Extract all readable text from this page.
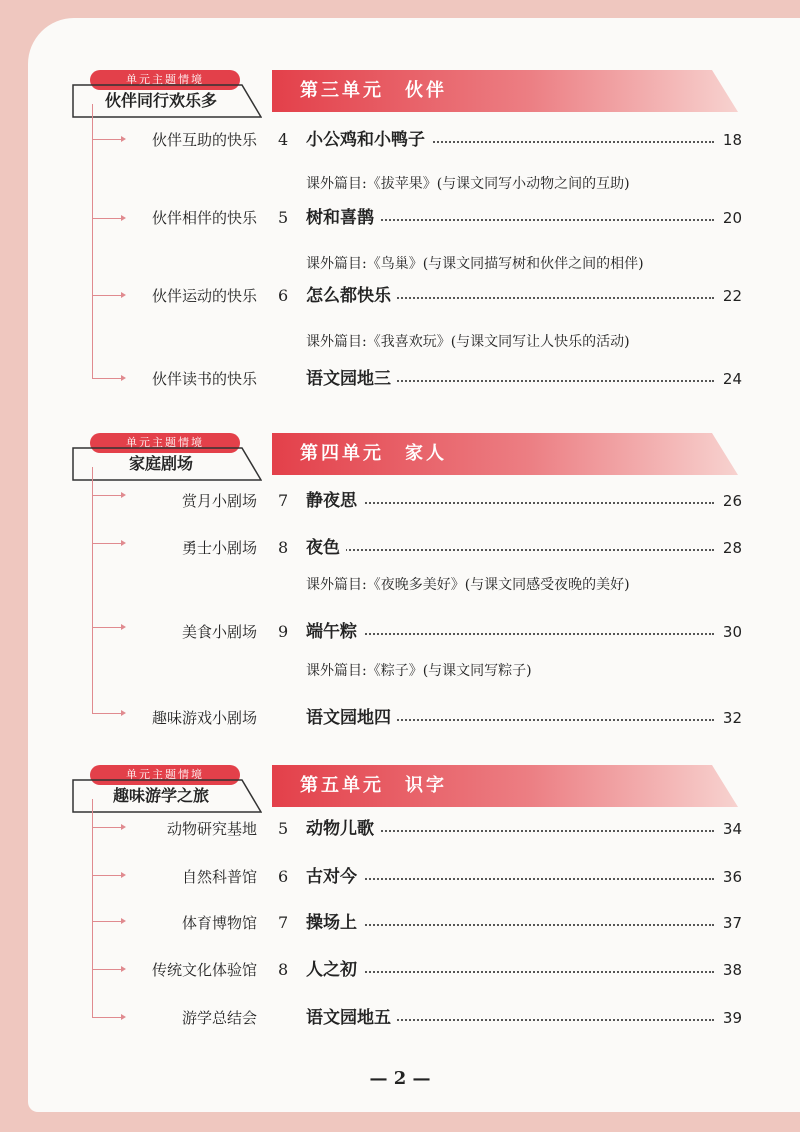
单元主题情境
伙伴同行欢乐多	第三单元　伙伴
伙伴互助的快乐 4 小公鸡和小鸭子	18
课外篇目:《拔苹果》(与课文同写小动物之间的互助)
伙伴相伴的快乐 5 树和喜鹊	20
课外篇目:《鸟巢》(与课文同描写树和伙伴之间的相伴)
伙伴运动的快乐 6 怎么都快乐	22
课外篇目:《我喜欢玩》(与课文同写让人快乐的活动)
伙伴读书的快乐	语文园地三	24
单元主题情境
家庭剧场	第四单元　家人
赏月小剧场 7 静夜思	26
勇士小剧场 8 夜色	28
课外篇目:《夜晚多美好》(与课文同感受夜晚的美好)
美食小剧场 9 端午粽	30
课外篇目:《粽子》(与课文同写粽子)
趣味游戏小剧场	语文园地四	32
单元主题情境
趣味游学之旅	第五单元　识字
动物研究基地 5 动物儿歌	34
自然科普馆 6 古对今	36
体育博物馆 7 操场上	37
传统文化体验馆 8 人之初	38
游学总结会	语文园地五	39
— 2 —
